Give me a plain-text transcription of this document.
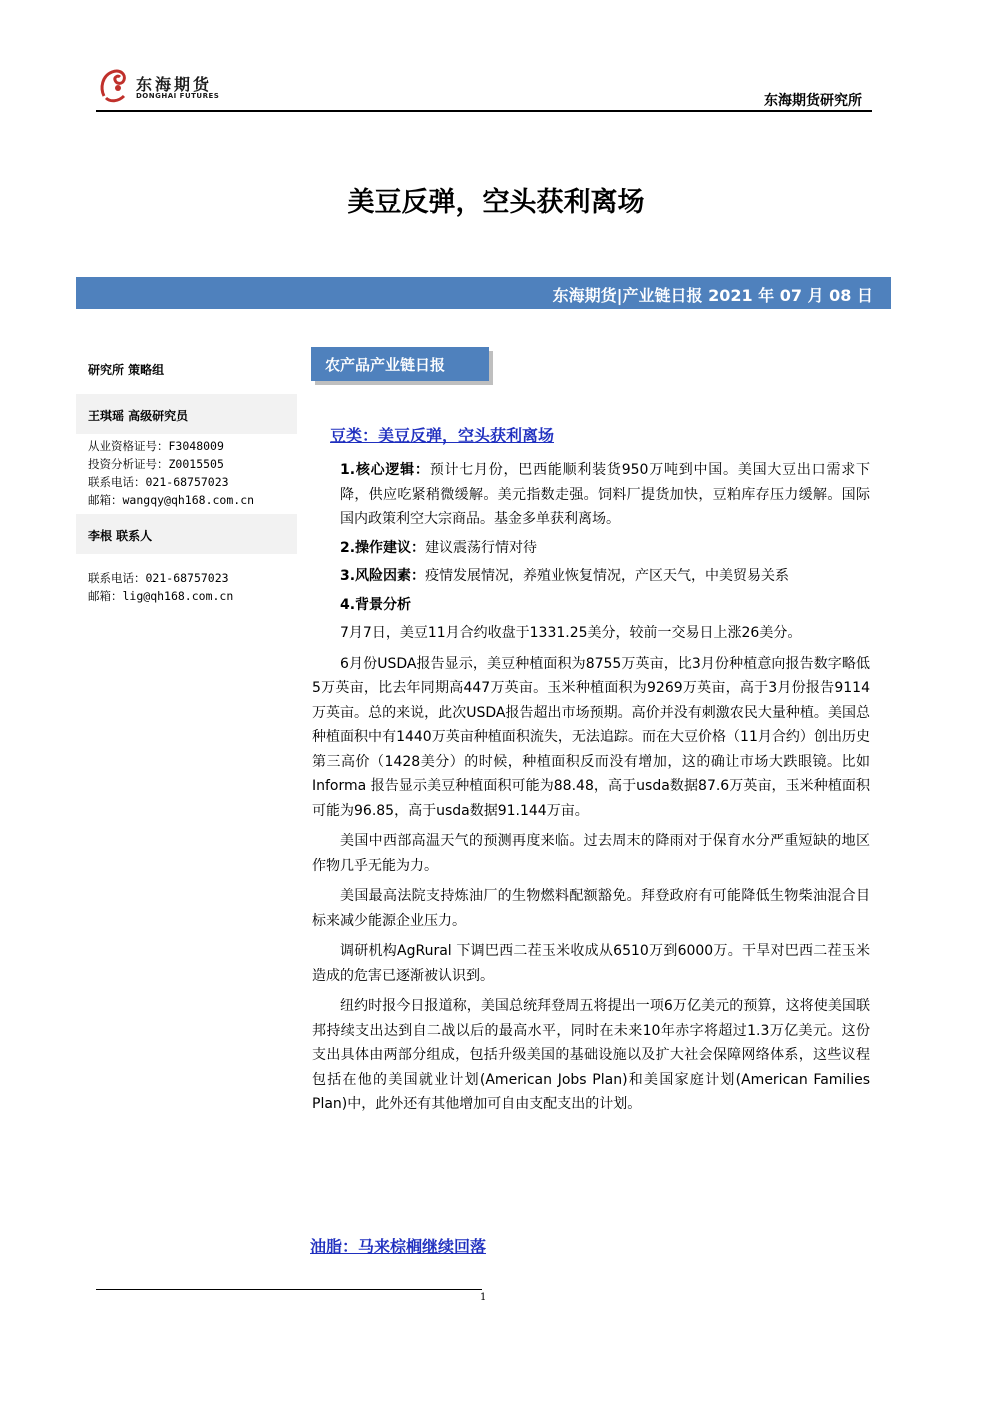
东海期货
DONGHAI FUTURES	东海期货研究所
美豆反弹，空头获利离场
东海期货|产业链日报 2021 年 07 月 08 日
研究所 策略组
王琪瑶 高级研究员
从业资格证号：F3048009
投资分析证号：Z0015505
联系电话：021-68757023
邮箱：wangqy@qh168.com.cn
李根 联系人
联系电话：021-68757023
邮箱：lig@qh168.com.cn
农产品产业链日报
豆类：美豆反弹，空头获利离场

1.核心逻辑：预计七月份，巴西能顺利装货950万吨到中国。美国大豆出口需求下降，供应吃紧稍微缓解。美元指数走强。饲料厂提货加快，豆粕库存压力缓解。国际国内政策利空大宗商品。基金多单获利离场。

2.操作建议：建议震荡行情对待

3.风险因素：疫情发展情况，养殖业恢复情况，产区天气，中美贸易关系

4.背景分析

7月7日，美豆11月合约收盘于1331.25美分，较前一交易日上涨26美分。

6月份USDA报告显示，美豆种植面积为8755万英亩，比3月份种植意向报告数字略低5万英亩，比去年同期高447万英亩。玉米种植面积为9269万英亩，高于3月份报告9114万英亩。总的来说，此次USDA报告超出市场预期。高价并没有刺激农民大量种植。美国总种植面积中有1440万英亩种植面积流失，无法追踪。而在大豆价格（11月合约）创出历史第三高价（1428美分）的时候，种植面积反而没有增加，这的确让市场大跌眼镜。比如Informa 报告显示美豆种植面积可能为88.48，高于usda数据87.6万英亩，玉米种植面积可能为96.85，高于usda数据91.144万亩。

美国中西部高温天气的预测再度来临。过去周末的降雨对于保育水分严重短缺的地区作物几乎无能为力。

美国最高法院支持炼油厂的生物燃料配额豁免。拜登政府有可能降低生物柴油混合目标来减少能源企业压力。

调研机构AgRural 下调巴西二茬玉米收成从6510万到6000万。干旱对巴西二茬玉米造成的危害已逐渐被认识到。

纽约时报今日报道称，美国总统拜登周五将提出一项6万亿美元的预算，这将使美国联邦持续支出达到自二战以后的最高水平，同时在未来10年赤字将超过1.3万亿美元。这份支出具体由两部分组成，包括升级美国的基础设施以及扩大社会保障网络体系，这些议程包括在他的美国就业计划(American Jobs Plan)和美国家庭计划(American Families Plan)中，此外还有其他增加可自由支配支出的计划。

油脂：马来棕榈继续回落
1
